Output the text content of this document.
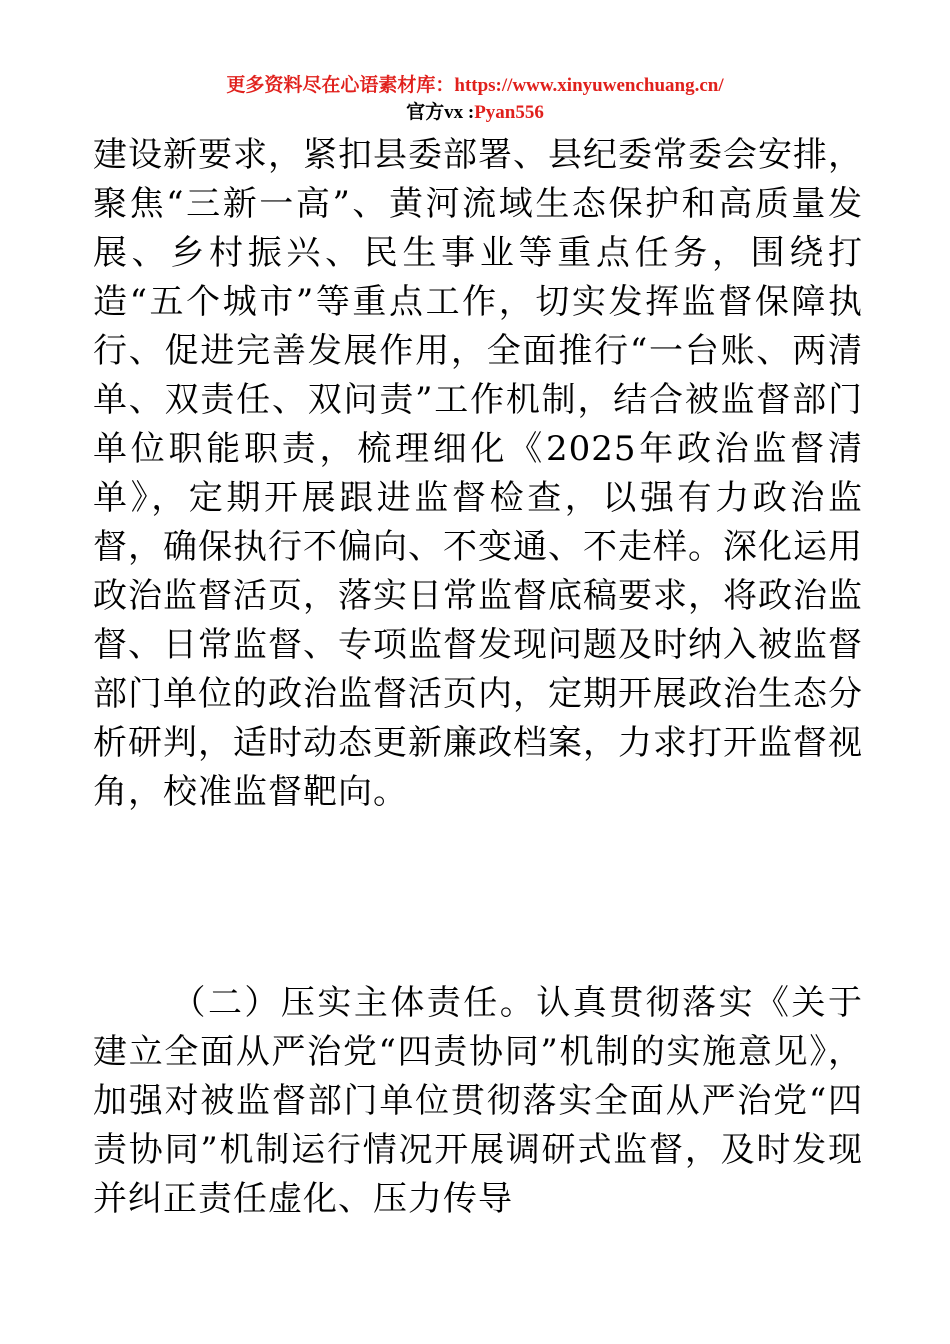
更多资料尽在心语素材库：https://www.xinyuwenchuang.cn/
官方vx :Pyan556

建设新要求，紧扣县委部署、县纪委常委会安排，聚焦“三新一高”、黄河流域生态保护和高质量发展、乡村振兴、民生事业等重点任务，围绕打造“五个城市”等重点工作，切实发挥监督保障执行、促进完善发展作用，全面推行“一台账、两清单、双责任、双问责”工作机制，结合被监督部门单位职能职责，梳理细化《2025年政治监督清单》，定期开展跟进监督检查，以强有力政治监督，确保执行不偏向、不变通、不走样。深化运用政治监督活页，落实日常监督底稿要求，将政治监督、日常监督、专项监督发现问题及时纳入被监督部门单位的政治监督活页内，定期开展政治生态分析研判，适时动态更新廉政档案，力求打开监督视角，校准监督靶向。

（二）压实主体责任。认真贯彻落实《关于建立全面从严治党“四责协同”机制的实施意见》，加强对被监督部门单位贯彻落实全面从严治党“四责协同”机制运行情况开展调研式监督，及时发现并纠正责任虚化、压力传导
